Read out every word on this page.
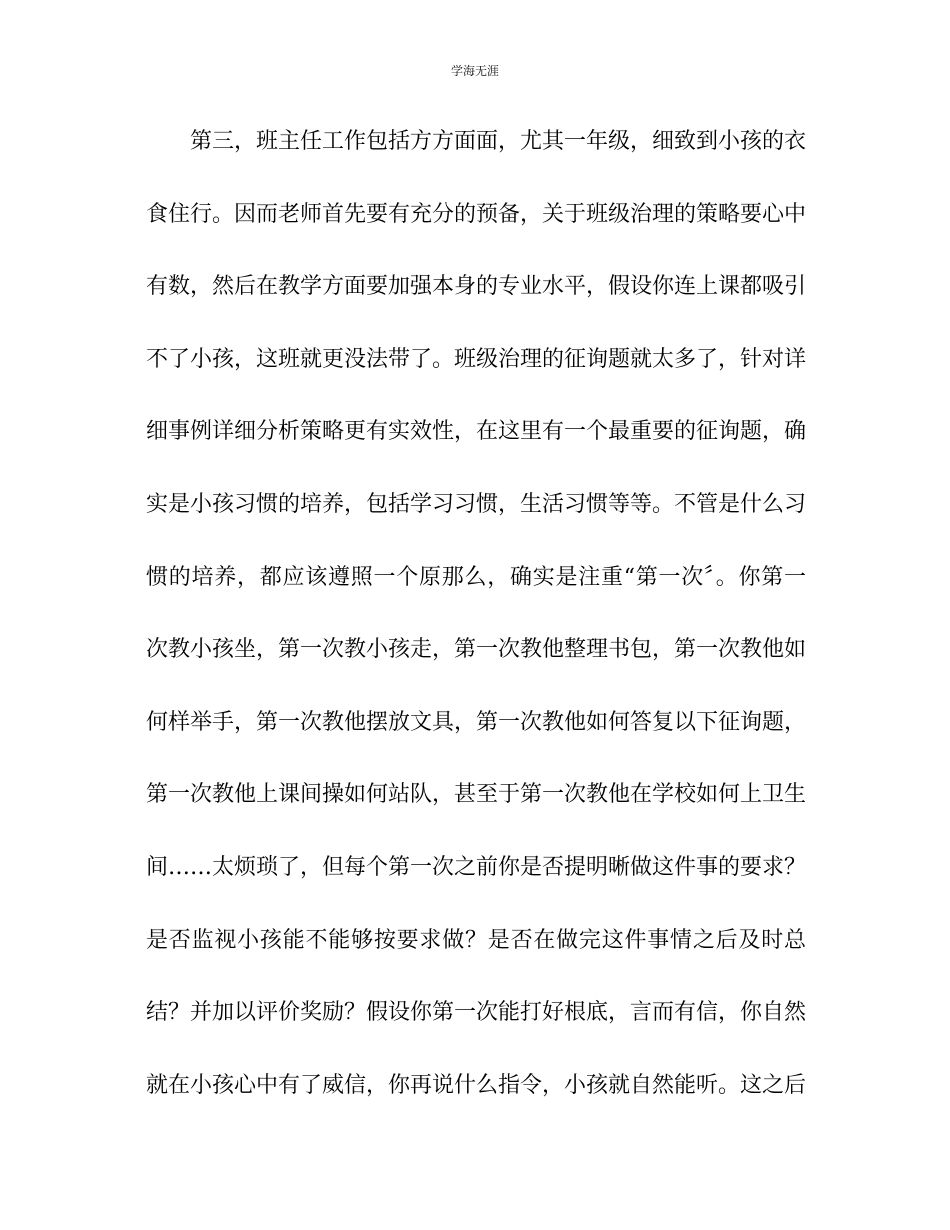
学海无涯
第三，班主任工作包括方方面面，尤其一年级，细致到小孩的衣
食住行。因而老师首先要有充分的预备，关于班级治理的策略要心中
有数，然后在教学方面要加强本身的专业水平，假设你连上课都吸引
不了小孩，这班就更没法带了。班级治理的征询题就太多了，针对详
细事例详细分析策略更有实效性，在这里有一个最重要的征询题，确
实是小孩习惯的培养，包括学习习惯，生活习惯等等。不管是什么习
惯的培养，都应该遵照一个原那么，确实是注重“第一次〞。你第一
次教小孩坐，第一次教小孩走，第一次教他整理书包，第一次教他如
何样举手，第一次教他摆放文具，第一次教他如何答复以下征询题，
第一次教他上课间操如何站队，甚至于第一次教他在学校如何上卫生
间……太烦琐了，但每个第一次之前你是否提明晰做这件事的要求？
是否监视小孩能不能够按要求做？是否在做完这件事情之后及时总
结？并加以评价奖励？假设你第一次能打好根底，言而有信，你自然
就在小孩心中有了威信，你再说什么指令，小孩就自然能听。这之后
